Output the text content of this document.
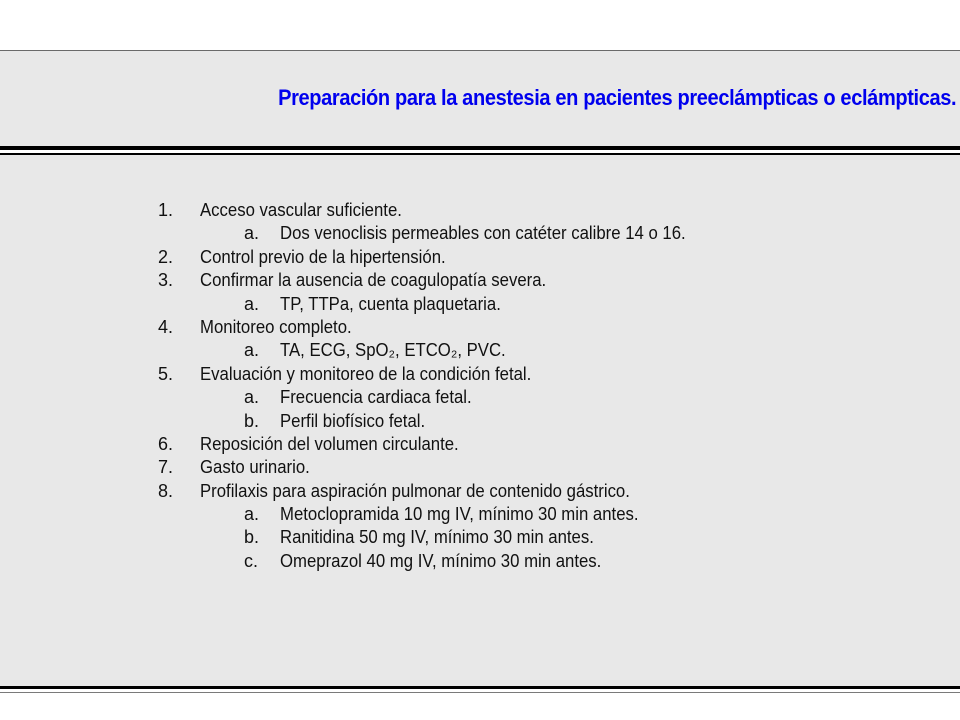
Preparación para la anestesia en pacientes preeclámpticas o eclámpticas.
1. Acceso vascular suficiente.
a. Dos venoclisis permeables con catéter calibre 14 o 16.
2. Control previo de la hipertensión.
3. Confirmar la ausencia de coagulopatía severa.
a. TP, TTPa, cuenta plaquetaria.
4. Monitoreo completo.
a. TA, ECG, SpO₂, ETCO₂, PVC.
5. Evaluación y monitoreo de la condición fetal.
a. Frecuencia cardiaca fetal.
b. Perfil biofísico fetal.
6. Reposición del volumen circulante.
7. Gasto urinario.
8. Profilaxis para aspiración pulmonar de contenido gástrico.
a. Metoclopramida 10 mg IV, mínimo 30 min antes.
b. Ranitidina 50 mg IV, mínimo 30 min antes.
c. Omeprazol 40 mg IV, mínimo 30 min antes.
